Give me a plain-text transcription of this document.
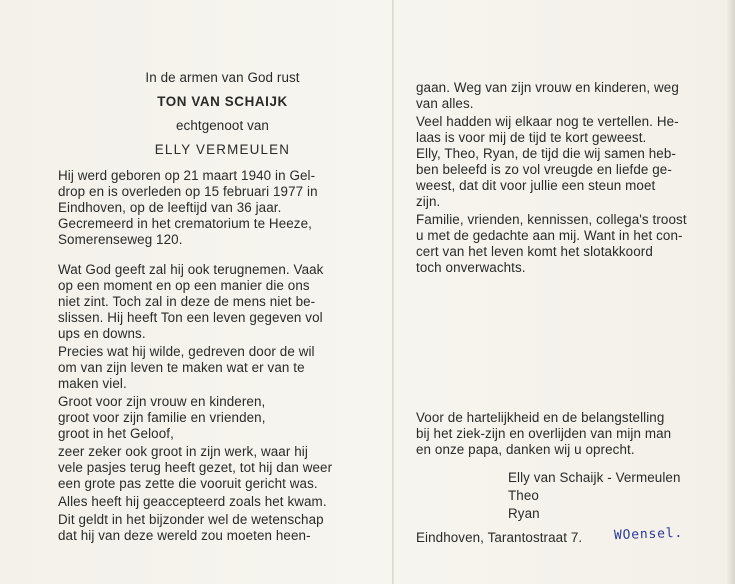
In de armen van God rust
TON VAN SCHAIJK
echtgenoot van
ELLY VERMEULEN
Hij werd geboren op 21 maart 1940 in Gel-
drop en is overleden op 15 februari 1977 in
Eindhoven, op de leeftijd van 36 jaar.
Gecremeerd in het crematorium te Heeze,
Somerenseweg 120.
Wat God geeft zal hij ook terugnemen. Vaak
op een moment en op een manier die ons
niet zint. Toch zal in deze de mens niet be-
slissen. Hij heeft Ton een leven gegeven vol
ups en downs.
Precies wat hij wilde, gedreven door de wil
om van zijn leven te maken wat er van te
maken viel.
Groot voor zijn vrouw en kinderen,
groot voor zijn familie en vrienden,
groot in het Geloof,
zeer zeker ook groot in zijn werk, waar hij
vele pasjes terug heeft gezet, tot hij dan weer
een grote pas zette die vooruit gericht was.
Alles heeft hij geaccepteerd zoals het kwam.
Dit geldt in het bijzonder wel de wetenschap
dat hij van deze wereld zou moeten heen-
gaan. Weg van zijn vrouw en kinderen, weg
van alles.
Veel hadden wij elkaar nog te vertellen. He-
laas is voor mij de tijd te kort geweest.
Elly, Theo, Ryan, de tijd die wij samen heb-
ben beleefd is zo vol vreugde en liefde ge-
weest, dat dit voor jullie een steun moet
zijn.
Familie, vrienden, kennissen, collega's troost
u met de gedachte aan mij. Want in het con-
cert van het leven komt het slotakkoord
toch onverwachts.
Voor de hartelijkheid en de belangstelling
bij het ziek-zijn en overlijden van mijn man
en onze papa, danken wij u oprecht.
Elly van Schaijk - Vermeulen
Theo
Ryan
Eindhoven, Tarantostraat 7. WOensel.
